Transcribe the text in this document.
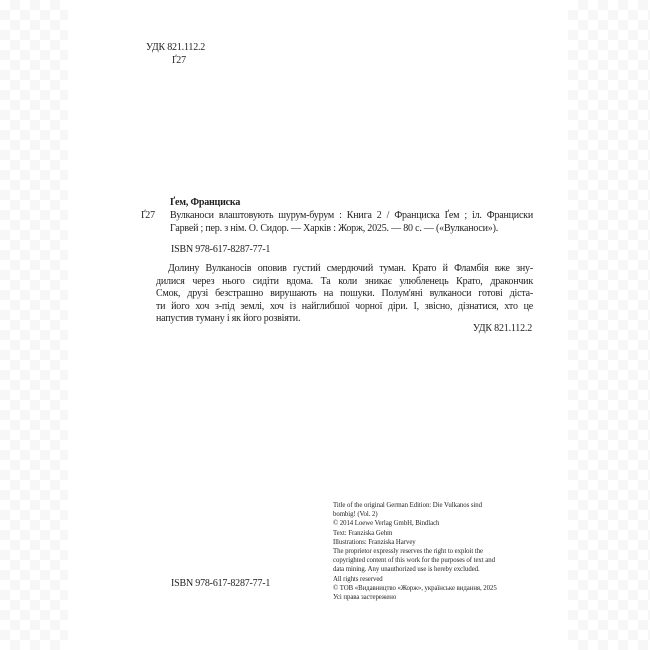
УДК 821.112.2
Ґ27
Ґем, Франциска
Ґ27 Вулканоси влаштовують шурум-бурум : Книга 2 / Франциска Ґем ; іл. Франциски
Гарвей ; пер. з нім. О. Сидор. — Харків : Жорж, 2025. — 80 с. — («Вулканоси»).
ISBN 978-617-8287-77-1
Долину Вулканосів оповив густий смердючий туман. Крато й Фламбія вже зну-
дилися через нього сидіти вдома. Та коли зникає улюбленець Крато, дракончик
Смок, друзі безстрашно вирушають на пошуки. Полум'яні вулканоси готові діста-
ти його хоч з-під землі, хоч із найглибшої чорної діри. І, звісно, дізнатися, хто це
напустив туману і як його розвіяти.
УДК 821.112.2
Title of the original German Edition: Die Vulkanos sind
bombig! (Vol. 2)
© 2014 Loewe Verlag GmbH, Bindlach
Text: Franziska Gehm
Illustrations: Franziska Harvey
The proprietor expressly reserves the right to exploit the
copyrighted content of this work for the purposes of text and
data mining. Any unauthorized use is hereby excluded.
All rights reserved
© ТОВ «Видавництво «Жорж», українське видання, 2025
Усі права застережено
ISBN 978-617-8287-77-1
